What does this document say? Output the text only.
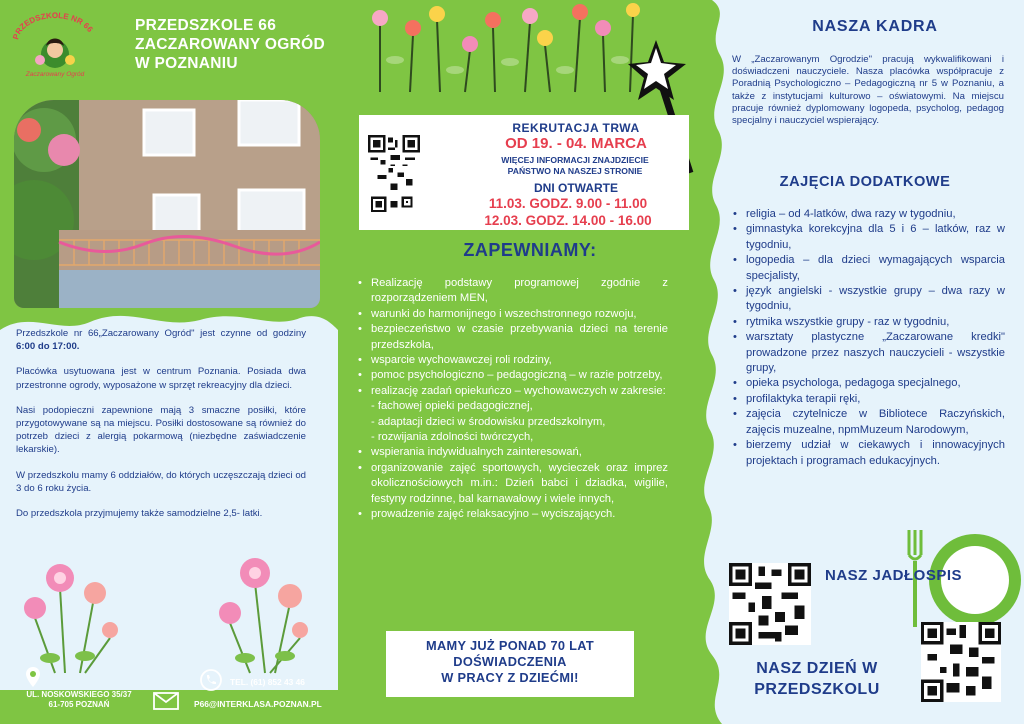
PRZEDSZKOLE NR 66
Zaczarowany Ogród
PRZEDSZKOLE 66
ZACZAROWANY OGRÓD
W POZNANIU

Przedszkole nr 66„Zaczarowany Ogród" jest czynne od godziny 6:00 do 17:00.

Placówka usytuowana jest w centrum Poznania. Posiada dwa przestronne ogrody, wyposażone w sprzęt rekreacyjny dla dzieci.

Nasi podopieczni zapewnione mają 3 smaczne posiłki, które przygotowywane są na miejscu. Posiłki dostosowane są również do potrzeb dzieci z alergią pokarmową (niezbędne zaświadczenie lekarskie).

W przedszkolu mamy 6 oddziałów, do których uczęszczają dzieci od 3 do 6 roku życia.

Do przedszkola przyjmujemy także samodzielne 2,5- latki.

UL. NOSKOWSKIEGO 35/37
61-705 POZNAŃ
TEL. (61) 852 43 46
P66@INTERKLASA.POZNAN.PL
REKRUTACJA TRWA
OD 19. - 04. MARCA
WIĘCEJ INFORMACJI ZNAJDZIECIE
PAŃSTWO NA NASZEJ STRONIE
DNI OTWARTE
11.03. GODZ. 9.00 - 11.00
12.03. GODZ. 14.00 - 16.00
ZAPEWNIAMY:
• Realizację podstawy programowej zgodnie z rozporządzeniem MEN,
• warunki do harmonijnego i wszechstronnego rozwoju,
• bezpieczeństwo w czasie przebywania dzieci na terenie przedszkola,
• wsparcie wychowawczej roli rodziny,
• pomoc psychologiczno – pedagogiczną – w razie potrzeby,
• realizację zadań opiekuńczo – wychowawczych w zakresie:
- fachowej opieki pedagogicznej,
- adaptacji dzieci w środowisku przedszkolnym,
- rozwijania zdolności twórczych,
• wspierania indywidualnych zainteresowań,
• organizowanie zajęć sportowych, wycieczek oraz imprez okolicznościowych m.in.: Dzień babci i dziadka, wigilie, festyny rodzinne, bal karnawałowy i wiele innych,
• prowadzenie zajęć relaksacyjno – wyciszających.
MAMY JUŻ PONAD 70 LAT
DOŚWIADCZENIA
W PRACY Z DZIEĆMI!
NASZA KADRA
W „Zaczarowanym Ogrodzie" pracują wykwalifikowani i doświadczeni nauczyciele. Nasza placówka współpracuje z Poradnią Psychologiczno – Pedagogiczną nr 5 w Poznaniu, a także z instytucjami kulturowo – oświatowymi. Na miejscu pracuje również dyplomowany logopeda, psycholog, pedagog specjalny i nauczyciel wspierający.
ZAJĘCIA DODATKOWE
• religia – od 4-latków, dwa razy w tygodniu,
• gimnastyka korekcyjna dla 5 i 6 – latków, raz w tygodniu,
• logopedia – dla dzieci wymagających wsparcia specjalisty,
• język angielski - wszystkie grupy – dwa razy w tygodniu,
• rytmika wszystkie grupy - raz w tygodniu,
• warsztaty plastyczne „Zaczarowane kredki" prowadzone przez naszych nauczycieli - wszystkie grupy,
• opieka psychologa, pedagoga specjalnego,
• profilaktyka terapii ręki,
• zajęcia czytelnicze w Bibliotece Raczyńskich, zajęcis muzealne, npmMuzeum Narodowym,
• bierzemy udział w ciekawych i innowacyjnych projektach i programach edukacyjnych.
NASZ JADŁOSPIS
NASZ DZIEŃ W
PRZEDSZKOLU
